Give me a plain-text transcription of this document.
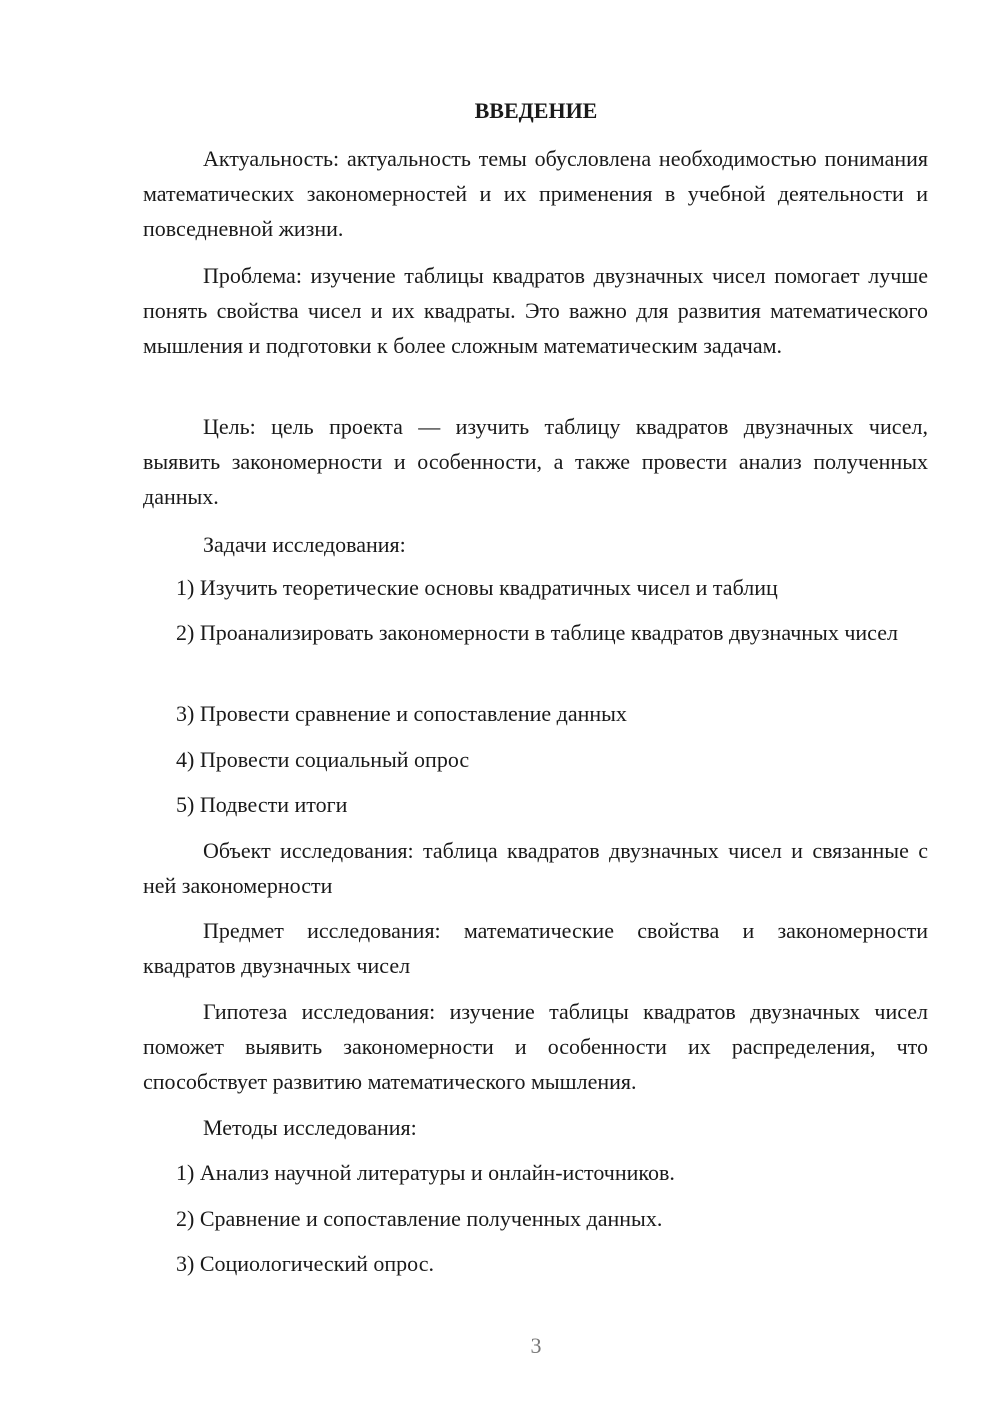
ВВЕДЕНИЕ
Актуальность: актуальность темы обусловлена необходимостью понимания математических закономерностей и их применения в учебной деятельности и повседневной жизни.
Проблема: изучение таблицы квадратов двузначных чисел помогает лучше понять свойства чисел и их квадраты. Это важно для развития математического мышления и подготовки к более сложным математическим задачам.
Цель: цель проекта — изучить таблицу квадратов двузначных чисел, выявить закономерности и особенности, а также провести анализ полученных данных.
Задачи исследования:
1) Изучить теоретические основы квадратичных чисел и таблиц
2) Проанализировать закономерности в таблице квадратов двузначных чисел
3) Провести сравнение и сопоставление данных
4) Провести социальный опрос
5) Подвести итоги
Объект исследования: таблица квадратов двузначных чисел и связанные с ней закономерности
Предмет исследования: математические свойства и закономерности квадратов двузначных чисел
Гипотеза исследования: изучение таблицы квадратов двузначных чисел поможет выявить закономерности и особенности их распределения, что способствует развитию математического мышления.
Методы исследования:
1) Анализ научной литературы и онлайн-источников.
2) Сравнение и сопоставление полученных данных.
3) Социологический опрос.
3
